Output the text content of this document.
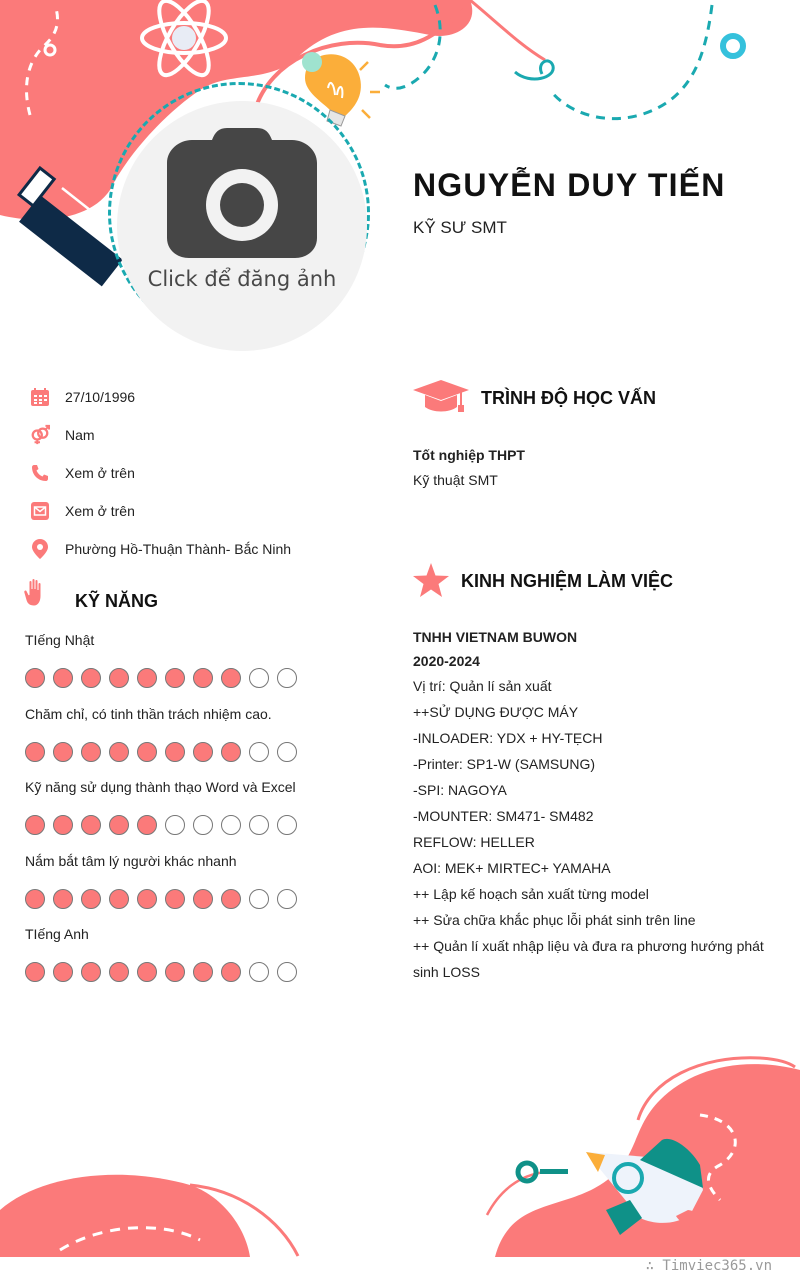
Click để đăng ảnh
NGUYỄN DUY TIẾN
KỸ SƯ SMT
27/10/1996
Nam
Xem ở trên
Xem ở trên
Phường Hồ-Thuận Thành- Bắc Ninh
KỸ NĂNG
TIếng Nhật
Chăm chỉ, có tinh thần trách nhiệm cao.
Kỹ năng sử dụng thành thạo Word và Excel
Nắm bắt tâm lý người khác nhanh
TIếng Anh
TRÌNH ĐỘ HỌC VẤN
Tốt nghiệp THPT
Kỹ thuật SMT
KINH NGHIỆM LÀM VIỆC
TNHH VIETNAM BUWON
2020-2024
Vị trí: Quản lí sản xuất
++SỬ DỤNG ĐƯỢC MÁY
-INLOADER: YDX + HY-TẸCH
-Printer: SP1-W (SAMSUNG)
-SPI: NAGOYA
-MOUNTER: SM471- SM482
REFLOW: HELLER
AOI: MEK+ MIRTEC+ YAMAHA
++ Lập kế hoạch sản xuất từng model
++ Sửa chữa khắc phục lỗi phát sinh trên line
++ Quản lí xuất nhập liệu và đưa ra phương hướng phát
sinh LOSS
∴ Timviec365.vn
